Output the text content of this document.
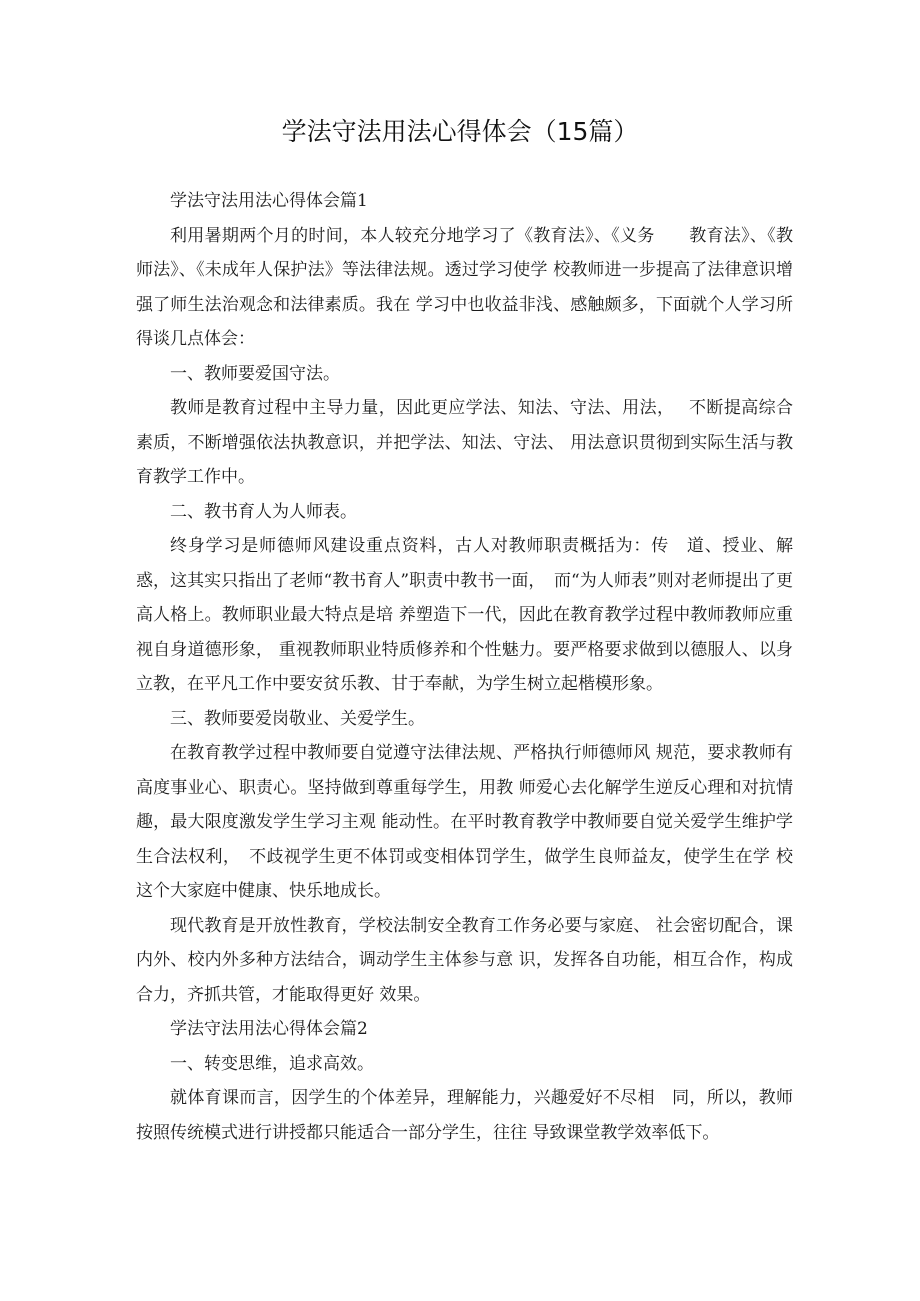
学法守法用法心得体会（15篇）

学法守法用法心得体会篇1

利用暑期两个月的时间，本人较充分地学习了《教育法》、《义务　　教育法》、《教师法》、《未成年人保护法》等法律法规。透过学习使学 校教师进一步提高了法律意识增强了师生法治观念和法律素质。我在 学习中也收益非浅、感触颇多，下面就个人学习所得谈几点体会：

一、教师要爱国守法。

教师是教育过程中主导力量，因此更应学法、知法、守法、用法，　 不断提高综合素质，不断增强依法执教意识，并把学法、知法、守法、 用法意识贯彻到实际生活与教育教学工作中。

二、教书育人为人师表。

终身学习是师德师风建设重点资料，古人对教师职责概括为：传　道、授业、解惑，这其实只指出了老师“教书育人”职责中教书一面，　而“为人师表”则对老师提出了更高人格上。教师职业最大特点是培 养塑造下一代，因此在教育教学过程中教师教师应重视自身道德形象， 重视教师职业特质修养和个性魅力。要严格要求做到以德服人、以身 立教，在平凡工作中要安贫乐教、甘于奉献，为学生树立起楷模形象。

三、教师要爱岗敬业、关爱学生。

在教育教学过程中教师要自觉遵守法律法规、严格执行师德师风 规范，要求教师有高度事业心、职责心。坚持做到尊重每学生，用教 师爱心去化解学生逆反心理和对抗情趣，最大限度激发学生学习主观 能动性。在平时教育教学中教师要自觉关爱学生维护学生合法权利，　不歧视学生更不体罚或变相体罚学生，做学生良师益友，使学生在学 校这个大家庭中健康、快乐地成长。

现代教育是开放性教育，学校法制安全教育工作务必要与家庭、 社会密切配合，课内外、校内外多种方法结合，调动学生主体参与意 识，发挥各自功能，相互合作，构成合力，齐抓共管，才能取得更好 效果。

学法守法用法心得体会篇2

一、转变思维，追求高效。

就体育课而言，因学生的个体差异，理解能力，兴趣爱好不尽相　同，所以，教师按照传统模式进行讲授都只能适合一部分学生，往往 导致课堂教学效率低下。
